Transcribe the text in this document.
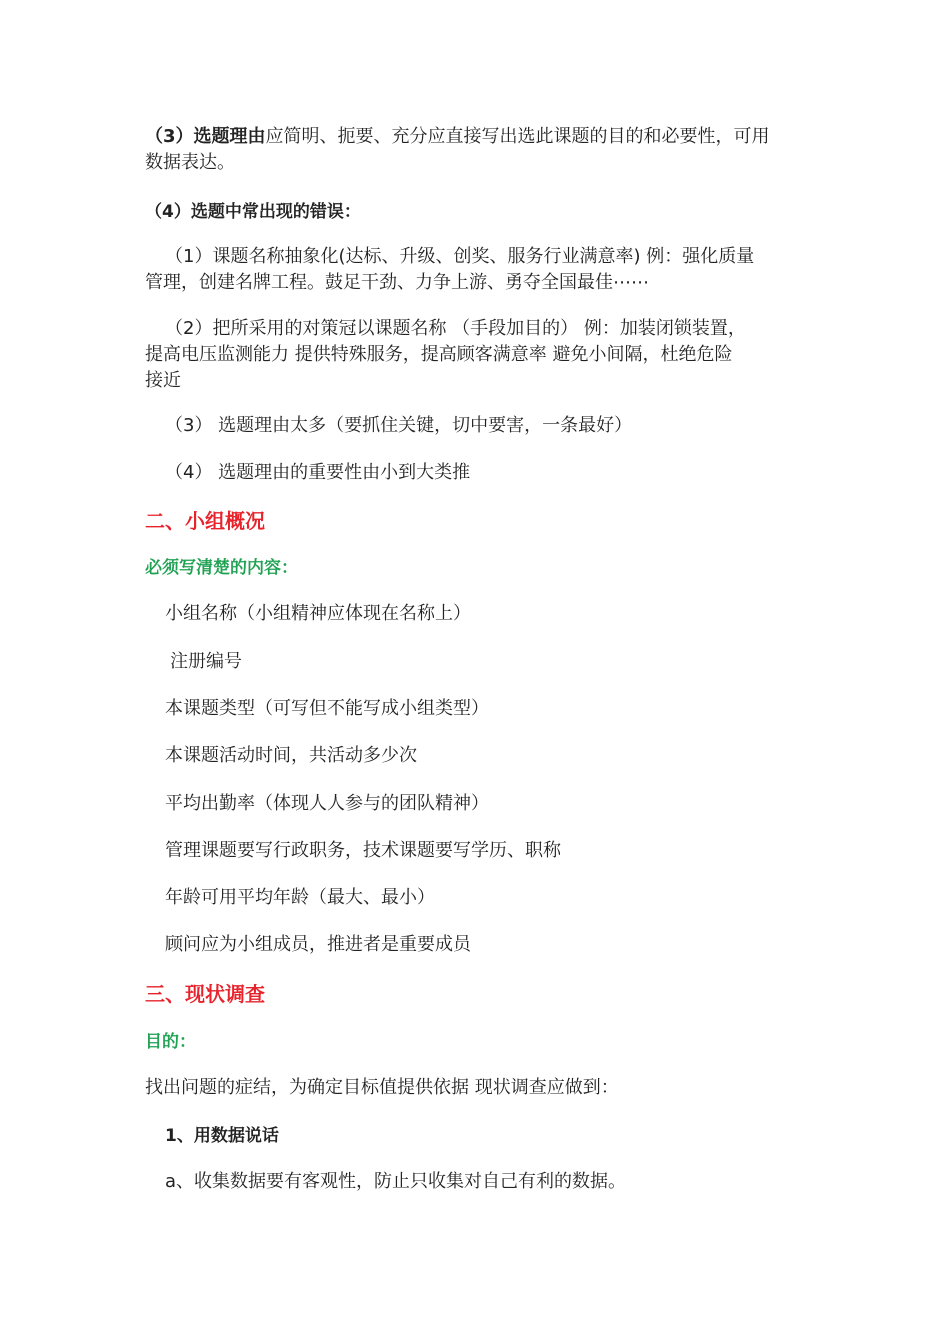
（3）选题理由应简明、扼要、充分应直接写出选此课题的目的和必要性，可用
数据表达。
（4）选题中常出现的错误：
（1）课题名称抽象化(达标、升级、创奖、服务行业满意率) 例：强化质量
管理，创建名牌工程。鼓足干劲、力争上游、勇夺全国最佳⋯⋯
（2）把所采用的对策冠以课题名称 （手段加目的） 例：加装闭锁装置，
提高电压监测能力 提供特殊服务，提高顾客满意率 避免小间隔，杜绝危险
接近
（3） 选题理由太多（要抓住关键，切中要害，一条最好）
（4） 选题理由的重要性由小到大类推
二、小组概况
必须写清楚的内容：
小组名称（小组精神应体现在名称上）
注册编号
本课题类型（可写但不能写成小组类型）
本课题活动时间，共活动多少次
平均出勤率（体现人人参与的团队精神）
管理课题要写行政职务，技术课题要写学历、职称
年龄可用平均年龄（最大、最小）
顾问应为小组成员，推进者是重要成员
三、现状调查
目的：
找出问题的症结，为确定目标值提供依据 现状调查应做到：
1、用数据说话
a、收集数据要有客观性，防止只收集对自己有利的数据。
